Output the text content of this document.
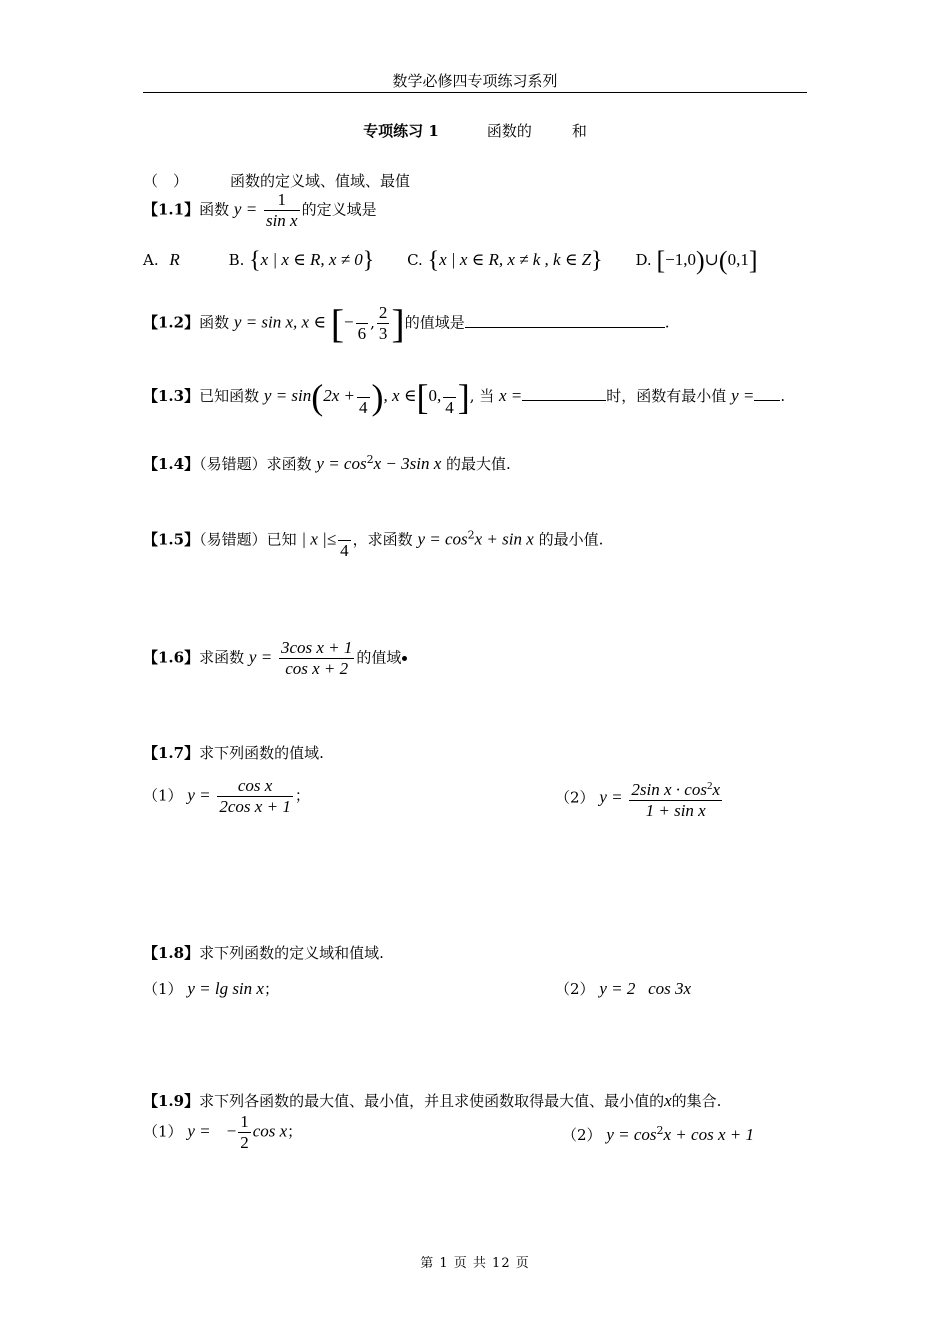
数学必修四专项练习系列
专项练习 1	函数的	和
（　）	函数的定义域、值域、最值
【1.1】函数 $y = \frac{1}{\text{sin x}}$ 的定义域是
A. R	B. {x | x ∈ R, x ≠ 0} C. {x | x ∈ R, x ≠ k , k ∈ Z} D. [−1,0)∪(0,1]
【1.2】函数 y = sin x, x ∈ [−
6
, $\frac{2}{3}$ ]的值域是	.
【1.3】已知函数 y = sin(2x +
4 ), x ∈[0,
4 ], 当 x =	时，函数有最小值 y = .
【1.4】（易错题）求函数 $y = \cos^2x - 3\sin$ x 的最大值.
【1.5】（易错题）已知 | x |≤
4
，求函数 $y = \cos^2x + \sin x$ 的最小值.
【1.6】求函数 $y = \frac{\text{3cos x + 1}}{\text{cos x + 2}}$ 的值域
【1.7】求下列函数的值域.
（1） $y = \frac{\text{cos x}}{\text{2cos x + 1}}$ ；	（2） $y = \frac{2\sin x \cdot \cos^2x}{\text{1 + sin x}}$
【1.8】求下列函数的定义域和值域.
（1） y = lg sin x；	（2） y = 2   cos 3x
【1.9】求下列各函数的最大值、最小值，并且求使函数取得最大值、最小值的x的集合.
（1） y = − $\frac{1}{2}$ cos x；	（2） $y = \cos^2x + \cos x + 1$
第 1 页 共 12 页
